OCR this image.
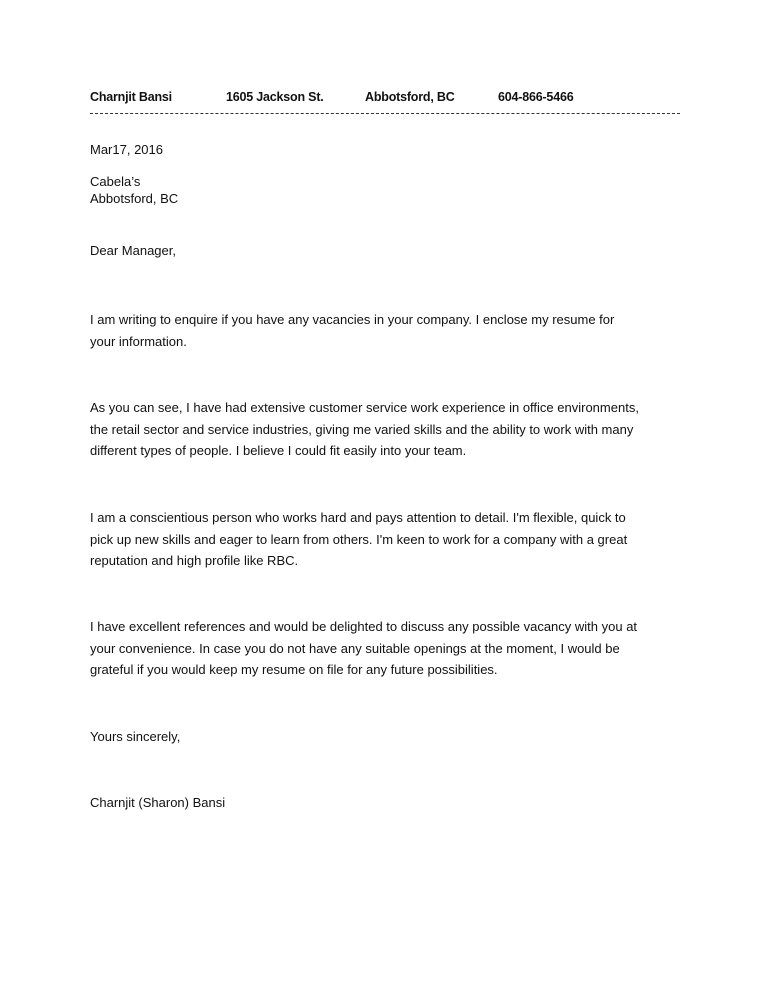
Charnjit Bansi	1605 Jackson St.	Abbotsford, BC	604-866-5466
Mar17, 2016
Cabela’s
Abbotsford, BC
Dear Manager,
I am writing to enquire if you have any vacancies in your company. I enclose my resume for
your information.
As you can see, I have had extensive customer service work experience in office environments,
the retail sector and service industries, giving me varied skills and the ability to work with many
different types of people. I believe I could fit easily into your team.
I am a conscientious person who works hard and pays attention to detail. I'm flexible, quick to
pick up new skills and eager to learn from others. I'm keen to work for a company with a great
reputation and high profile like RBC.
I have excellent references and would be delighted to discuss any possible vacancy with you at
your convenience. In case you do not have any suitable openings at the moment, I would be
grateful if you would keep my resume on file for any future possibilities.
Yours sincerely,
Charnjit (Sharon) Bansi
